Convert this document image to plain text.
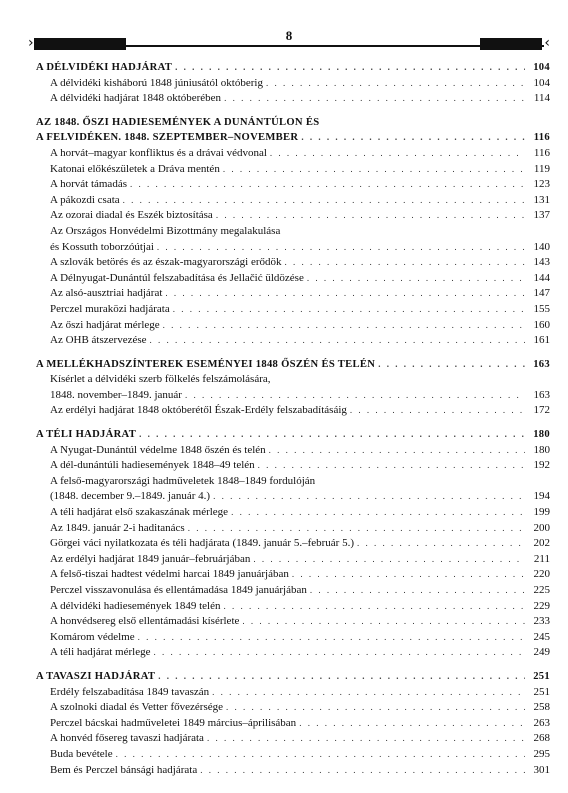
›	‹
8
A DÉLVIDÉKI HADJÁRAT . . .	104
A délvidéki kisháború 1848 júniusától októberig . . .	104
A délvidéki hadjárat 1848 októberében . . .	114
AZ 1848. ŐSZI HADIESEMÉNYEK A DUNÁNTÚLON ÉS
A FELVIDÉKEN. 1848. SZEPTEMBER–NOVEMBER . . .	116
A horvát–magyar konfliktus és a drávai védvonal . . .	116
Katonai előkészületek a Dráva mentén . . .	119
A horvát támadás . . .	123
A pákozdi csata . . .	131
Az ozorai diadal és Eszék biztosítása . . .	137
Az Országos Honvédelmi Bizottmány megalakulása
és Kossuth toborzóútjai . . .	140
A szlovák betörés és az észak-magyarországi erődök . . .	143
A Délnyugat-Dunántúl felszabadítása és Jellačić üldözése . . .	144
Az alsó-ausztriai hadjárat . . .	147
Perczel muraközi hadjárata . . .	155
Az őszi hadjárat mérlege . . .	160
Az OHB átszervezése . . .	161
A MELLÉKHADSZÍNTEREK ESEMÉNYEI 1848 ŐSZÉN ÉS TELÉN . . .	163
Kísérlet a délvidéki szerb fölkelés felszámolására,
1848. november–1849. január . . .	163
Az erdélyi hadjárat 1848 októberétől Észak-Erdély felszabadításáig . . .	172
A TÉLI HADJÁRAT . . .	180
A Nyugat-Dunántúl védelme 1848 őszén és telén . . .	180
A dél-dunántúli hadiesemények 1848–49 telén . . .	192
A felső-magyarországi hadműveletek 1848–1849 fordulóján
(1848. december 9.–1849. január 4.) . . .	194
A téli hadjárat első szakaszának mérlege . . .	199
Az 1849. január 2-i haditanács . . .	200
Görgei váci nyilatkozata és téli hadjárata (1849. január 5.–február 5.) . . .	202
Az erdélyi hadjárat 1849 január–februárjában . . .	211
A felső-tiszai hadtest védelmi harcai 1849 januárjában . . .	220
Perczel visszavonulása és ellentámadása 1849 januárjában . . .	225
A délvidéki hadiesemények 1849 telén . . .	229
A honvédsereg első ellentámadási kísérlete . . .	233
Komárom védelme . . .	245
A téli hadjárat mérlege . . .	249
A TAVASZI HADJÁRAT . . .	251
Erdély felszabadítása 1849 tavaszán . . .	251
A szolnoki diadal és Vetter fővezérsége . . .	258
Perczel bácskai hadműveletei 1849 március–áprilisában . . .	263
A honvéd fősereg tavaszi hadjárata . . .	268
Buda bevétele . . .	295
Bem és Perczel bánsági hadjárata . . .	301
